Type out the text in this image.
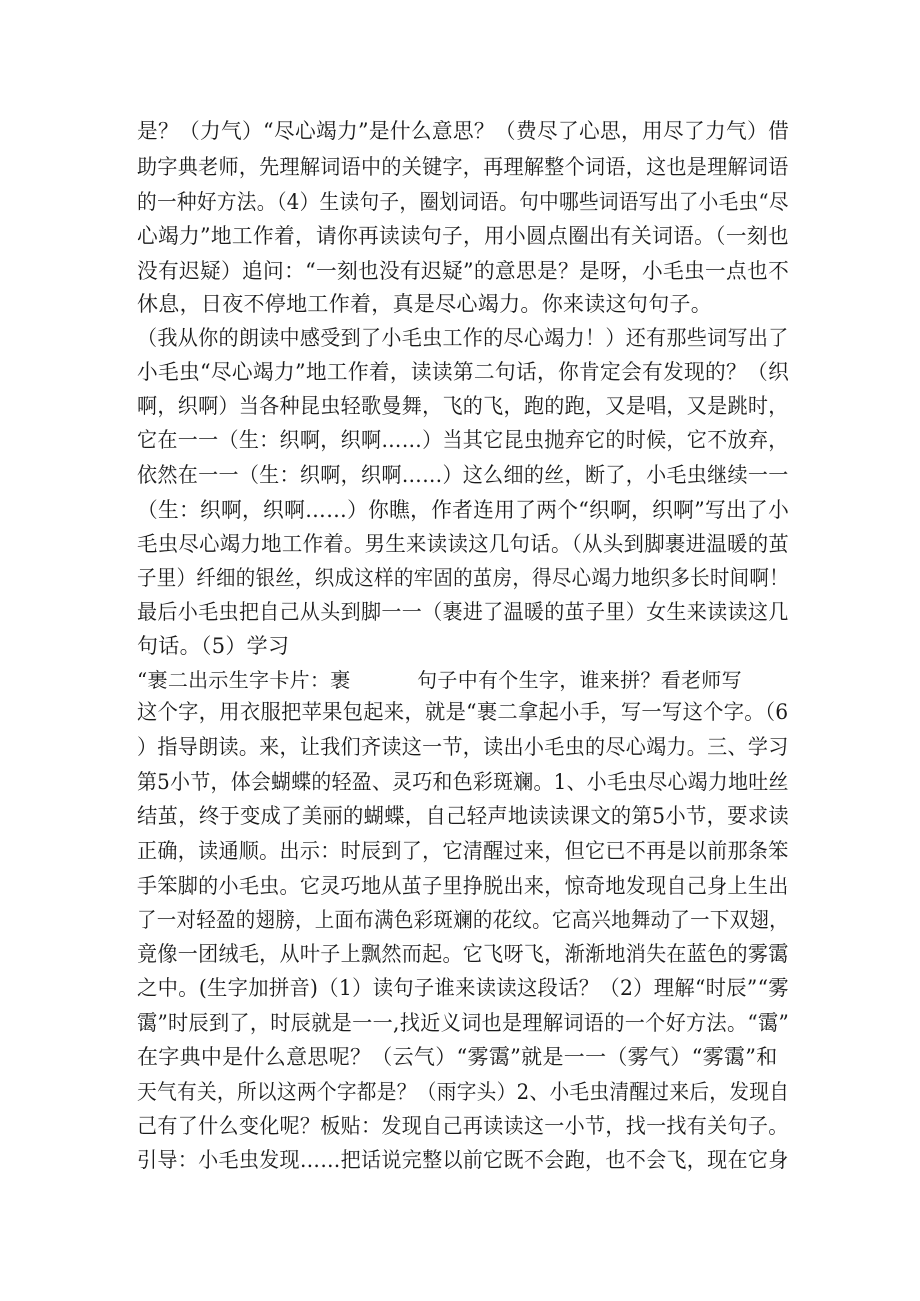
是？（力气）“尽心竭力”是什么意思？（费尽了心思，用尽了力气）借
助字典老师，先理解词语中的关键字，再理解整个词语，这也是理解词语
的一种好方法。（4）生读句子，圈划词语。句中哪些词语写出了小毛虫“尽
心竭力”地工作着，请你再读读句子，用小圆点圈出有关词语。（一刻也
没有迟疑）追问：“一刻也没有迟疑”的意思是？是呀，小毛虫一点也不
休息，日夜不停地工作着，真是尽心竭力。你来读这句句子。
（我从你的朗读中感受到了小毛虫工作的尽心竭力！）还有那些词写出了
小毛虫“尽心竭力”地工作着，读读第二句话，你肯定会有发现的？（织
啊，织啊）当各种昆虫轻歌曼舞，飞的飞，跑的跑，又是唱，又是跳时，
它在一一（生：织啊，织啊……）当其它昆虫抛弃它的时候，它不放弃，
依然在一一（生：织啊，织啊……）这么细的丝，断了，小毛虫继续一一
（生：织啊，织啊……）你瞧，作者连用了两个“织啊，织啊”写出了小
毛虫尽心竭力地工作着。男生来读读这几句话。（从头到脚裹进温暖的茧
子里）纤细的银丝，织成这样的牢固的茧房，得尽心竭力地织多长时间啊！
最后小毛虫把自己从头到脚一一（裹进了温暖的茧子里）女生来读读这几
句话。（5）学习
“裹二出示生字卡片：裹          句子中有个生字，谁来拼？看老师写
这个字，用衣服把苹果包起来，就是“裹二拿起小手，写一写这个字。（6
）指导朗读。来，让我们齐读这一节，读出小毛虫的尽心竭力。三、学习
第5小节，体会蝴蝶的轻盈、灵巧和色彩斑斓。1、小毛虫尽心竭力地吐丝
结茧，终于变成了美丽的蝴蝶，自己轻声地读读课文的第5小节，要求读
正确，读通顺。出示：时辰到了，它清醒过来，但它已不再是以前那条笨
手笨脚的小毛虫。它灵巧地从茧子里挣脱出来，惊奇地发现自己身上生出
了一对轻盈的翅膀，上面布满色彩斑斓的花纹。它高兴地舞动了一下双翅，
竟像一团绒毛，从叶子上飘然而起。它飞呀飞，渐渐地消失在蓝色的雾霭
之中。(生字加拼音)（1）读句子谁来读读这段话？（2）理解“时辰”“雾
霭”时辰到了，时辰就是一一,找近义词也是理解词语的一个好方法。“霭”
在字典中是什么意思呢？（云气）“雾霭”就是一一（雾气）“雾霭”和
天气有关，所以这两个字都是？（雨字头）2、小毛虫清醒过来后，发现自
己有了什么变化呢？板贴：发现自己再读读这一小节，找一找有关句子。
引导：小毛虫发现……把话说完整以前它既不会跑，也不会飞，现在它身
